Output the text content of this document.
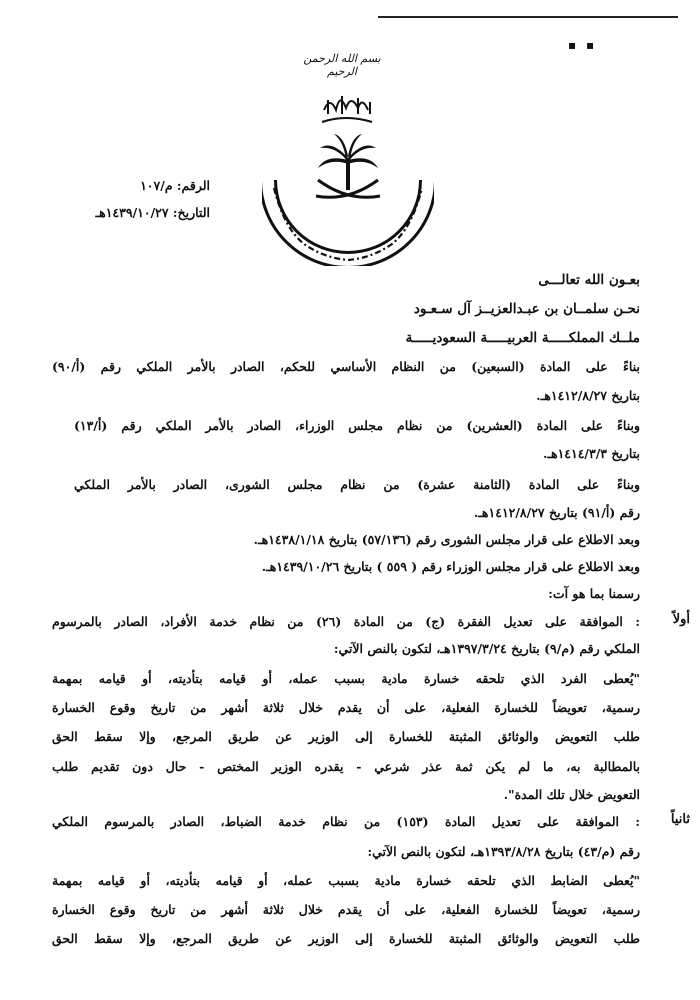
▪ ▪
بسم الله الرحمن الرحيم
الرقم: م/١٠٧
التاريخ: ١٤٣٩/١٠/٢٧هـ
بعـون الله تعالـــى
نحـن سلمــان بن عبـدالعزيــز آل سـعـود
ملــك المملكـــــة العربيـــــة السعوديـــــة
بناءً على المادة (السبعين) من النظام الأساسي للحكم، الصادر بالأمر الملكي رقم (أ/٩٠)
بتاريخ ١٤١٢/٨/٢٧هـ.
وبناءً على المادة (العشرين) من نظام مجلس الوزراء، الصادر بالأمر الملكي رقم (أ/١٣)
بتاريخ ١٤١٤/٣/٣هـ.
وبناءً على المادة (الثامنة عشرة) من نظام مجلس الشورى، الصادر بالأمر الملكي
رقم (أ/٩١) بتاريخ ١٤١٢/٨/٢٧هـ.
وبعد الاطلاع على قرار مجلس الشورى رقم (٥٧/١٣٦) بتاريخ ١٤٣٨/١/١٨هـ.
وبعد الاطلاع على قرار مجلس الوزراء رقم ( ٥٥٩ ) بتاريخ ١٤٣٩/١٠/٢٦هـ.
رسمنا بما هو آت:
أولاً
: الموافقة على تعديل الفقرة (ج) من المادة (٢٦) من نظام خدمة الأفراد، الصادر بالمرسوم
الملكي رقم (م/٩) بتاريخ ١٣٩٧/٣/٢٤هـ، لتكون بالنص الآتي:
"يُعطى الفرد الذي تلحقه خسارة مادية بسبب عمله، أو قيامه بتأديته، أو قيامه بمهمة
رسمية، تعويضاً للخسارة الفعلية، على أن يقدم خلال ثلاثة أشهر من تاريخ وقوع الخسارة
طلب التعويض والوثائق المثبتة للخسارة إلى الوزير عن طريق المرجع، وإلا سقط الحق
بالمطالبة به، ما لم يكن ثمة عذر شرعي - يقدره الوزير المختص - حال دون تقديم طلب
التعويض خلال تلك المدة".
ثانياً
: الموافقة على تعديل المادة (١٥٣) من نظام خدمة الضباط، الصادر بالمرسوم الملكي
رقم (م/٤٣) بتاريخ ١٣٩٣/٨/٢٨هـ، لتكون بالنص الآتي:
"يُعطى الضابط الذي تلحقه خسارة مادية بسبب عمله، أو قيامه بتأديته، أو قيامه بمهمة
رسمية، تعويضاً للخسارة الفعلية، على أن يقدم خلال ثلاثة أشهر من تاريخ وقوع الخسارة
طلب التعويض والوثائق المثبتة للخسارة إلى الوزير عن طريق المرجع، وإلا سقط الحق
